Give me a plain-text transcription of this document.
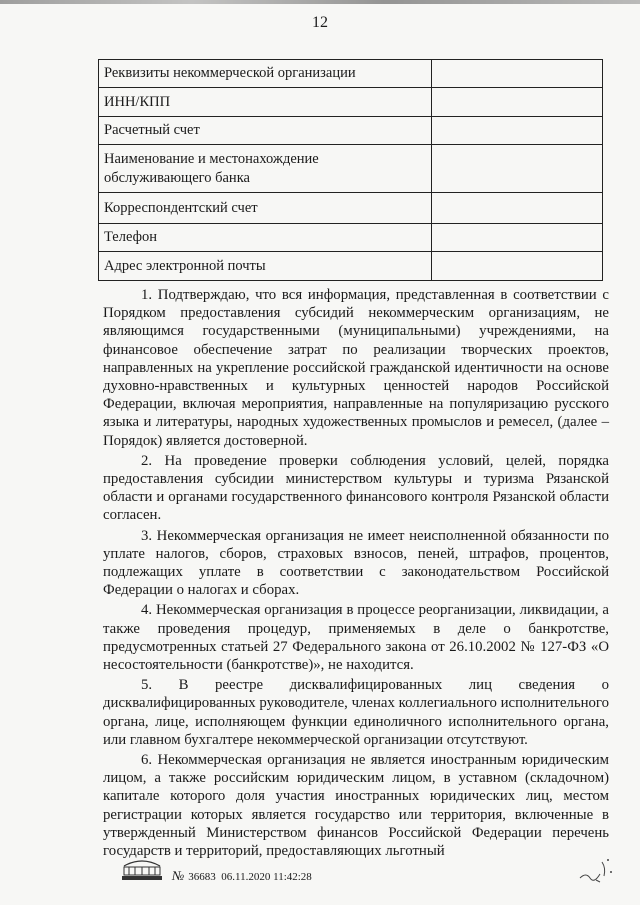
12
Реквизиты некоммерческой организации	
ИНН/КПП	
Расчетный счет	
Наименование и местонахождение обслуживающего банка	
Корреспондентский счет	
Телефон	
Адрес электронной почты	

1. Подтверждаю, что вся информация, представленная в соответствии с Порядком предоставления субсидий некоммерческим организациям, не являющимся государственными (муниципальными) учреждениями, на финансовое обеспечение затрат по реализации творческих проектов, направленных на укрепление российской гражданской идентичности на основе духовно-нравственных и культурных ценностей народов Российской Федерации, включая мероприятия, направленные на популяризацию русского языка и литературы, народных художественных промыслов и ремесел, (далее – Порядок) является достоверной.

2. На проведение проверки соблюдения условий, целей, порядка предоставления субсидии министерством культуры и туризма Рязанской области и органами государственного финансового контроля Рязанской области согласен.

3. Некоммерческая организация не имеет неисполненной обязанности по уплате налогов, сборов, страховых взносов, пеней, штрафов, процентов, подлежащих уплате в соответствии с законодательством Российской Федерации о налогах и сборах.

4. Некоммерческая организация в процессе реорганизации, ликвидации, а также проведения процедур, применяемых в деле о банкротстве, предусмотренных статьей 27 Федерального закона от 26.10.2002 № 127-ФЗ «О несостоятельности (банкротстве)», не находится.

5. В реестре дисквалифицированных лиц сведения о дисквалифицированных руководителе, членах коллегиального исполнительного органа, лице, исполняющем функции единоличного исполнительного органа, или главном бухгалтере некоммерческой организации отсутствуют.

6. Некоммерческая организация не является иностранным юридическим лицом, а также российским юридическим лицом, в уставном (складочном) капитале которого доля участия иностранных юридических лиц, местом регистрации которых является государство или территория, включенные в утвержденный Министерством финансов Российской Федерации перечень государств и территорий, предоставляющих льготный

№ 36683 06.11.2020 11:42:28
